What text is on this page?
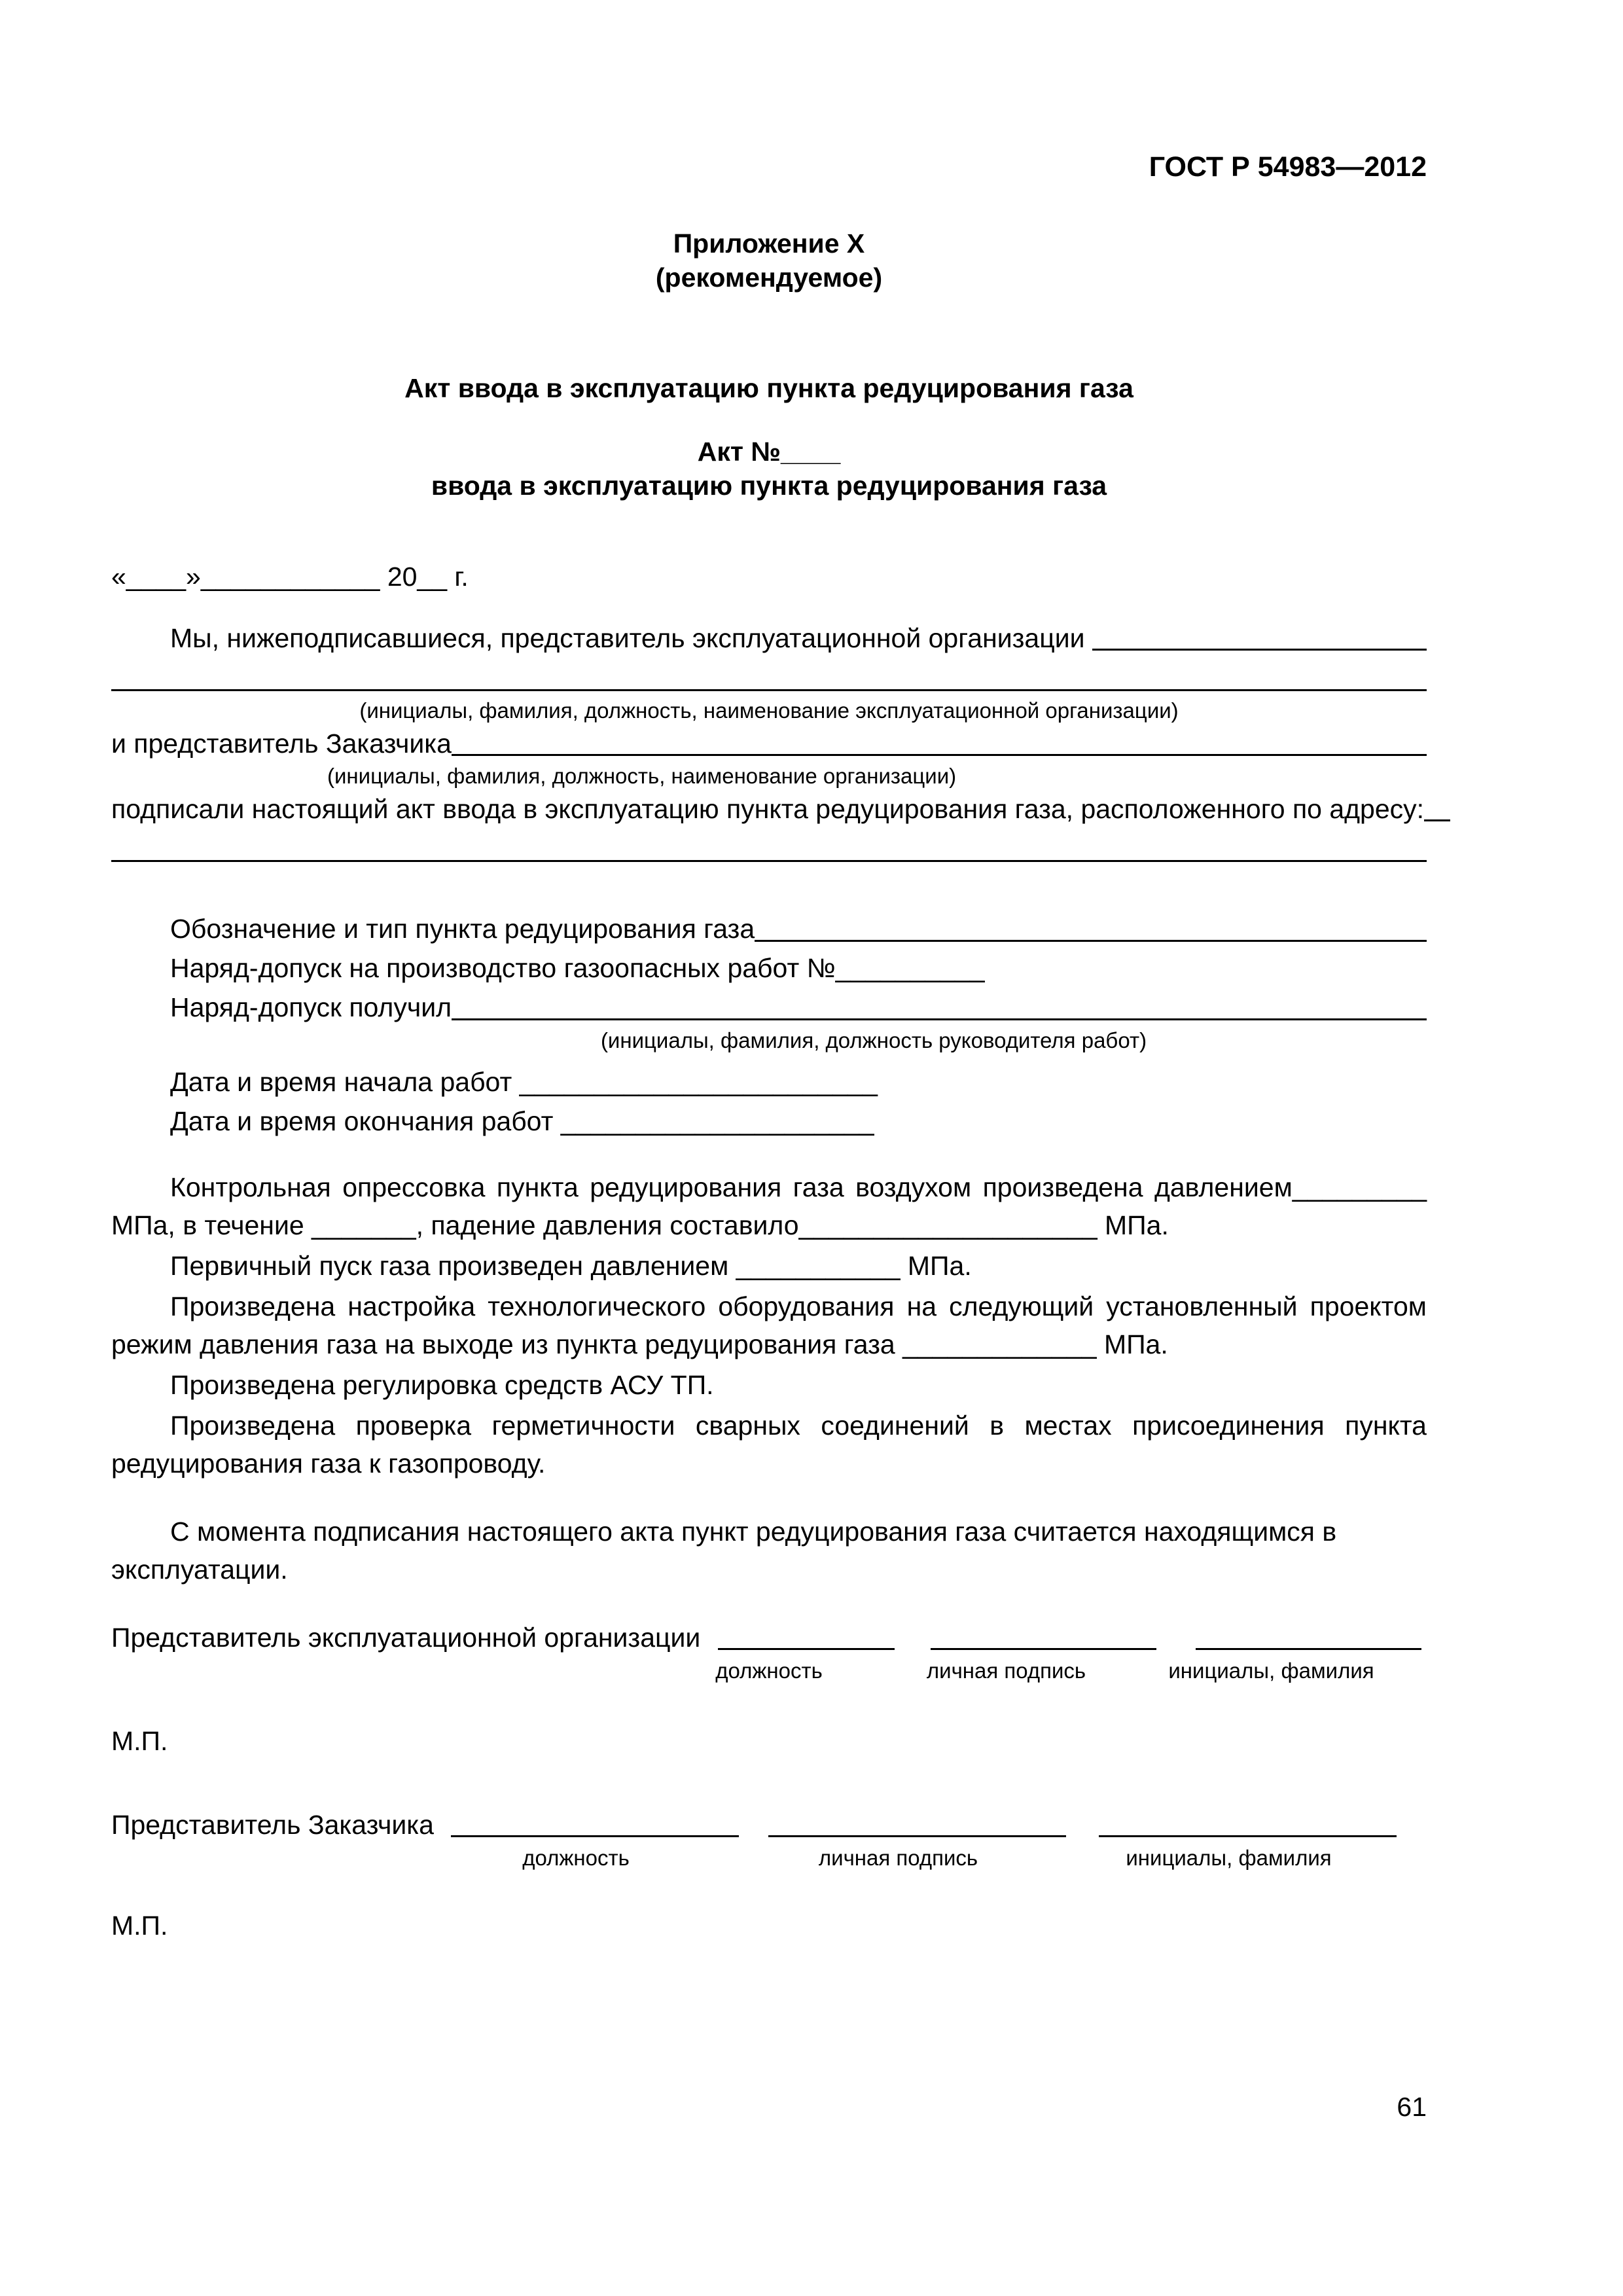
ГОСТ Р 54983—2012
Приложение Х
(рекомендуемое)
Акт ввода в эксплуатацию пункта редуцирования газа
Акт №____
ввода в эксплуатацию пункта редуцирования газа
«____»____________ 20__ г.
Мы, нижеподписавшиеся, представитель эксплуатационной организации
(инициалы, фамилия, должность, наименование эксплуатационной организации)
и представитель Заказчика
(инициалы, фамилия, должность, наименование организации)
подписали настоящий акт ввода в эксплуатацию пункта редуцирования газа, расположенного по адресу:
Обозначение и тип пункта редуцирования газа
Наряд-допуск на производство газоопасных работ №__________
Наряд-допуск получил
(инициалы, фамилия, должность руководителя работ)
Дата и время начала работ ________________________
Дата и время окончания работ _____________________
Контрольная опрессовка пункта редуцирования газа воздухом произведена давлением_________ МПа, в течение _______, падение давления составило____________________ МПа.
Первичный пуск газа произведен давлением ___________ МПа.
Произведена настройка технологического оборудования на следующий установленный проектом режим давления газа на выходе из пункта редуцирования газа _____________ МПа.
Произведена регулировка средств АСУ ТП.
Произведена проверка герметичности сварных соединений в местах присоединения пункта редуцирования газа к газопроводу.
С момента подписания настоящего акта пункт редуцирования газа считается находящимся в эксплуатации.
Представитель эксплуатационной организации
должность	личная подпись	инициалы, фамилия
М.П.
Представитель Заказчика
должность	личная подпись	инициалы, фамилия
М.П.
61
